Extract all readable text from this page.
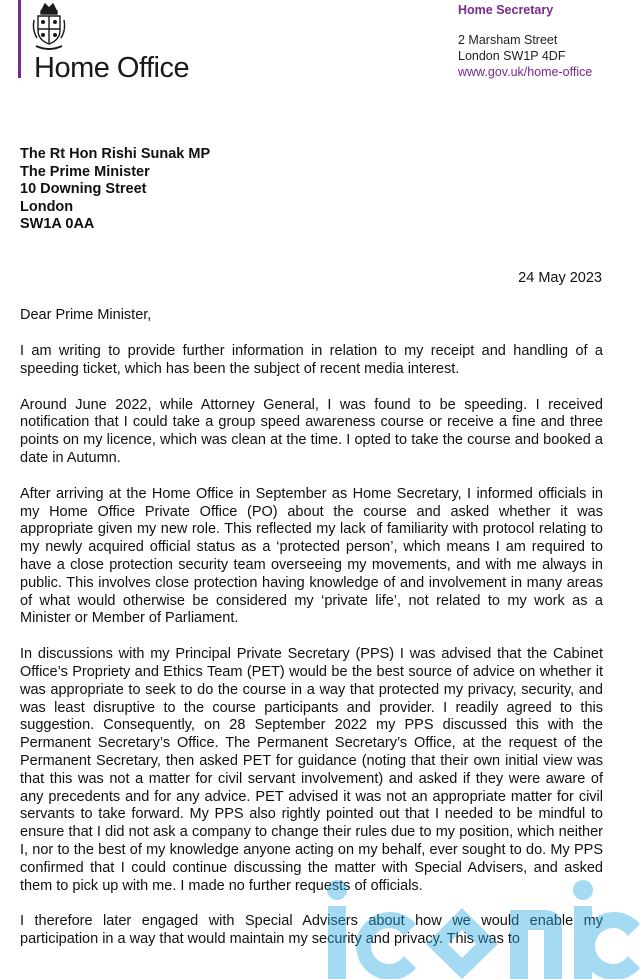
Home Office
Home Secretary
2 Marsham Street
London SW1P 4DF
www.gov.uk/home-office
The Rt Hon Rishi Sunak MP
The Prime Minister
10 Downing Street
London
SW1A 0AA
24 May 2023
Dear Prime Minister,

I am writing to provide further information in relation to my receipt and handling of a speeding ticket, which has been the subject of recent media interest.

Around June 2022, while Attorney General, I was found to be speeding. I received notification that I could take a group speed awareness course or receive a fine and three points on my licence, which was clean at the time. I opted to take the course and booked a date in Autumn.

After arriving at the Home Office in September as Home Secretary, I informed officials in my Home Office Private Office (PO) about the course and asked whether it was appropriate given my new role. This reflected my lack of familiarity with protocol relating to my newly acquired official status as a ‘protected person’, which means I am required to have a close protection security team overseeing my movements, and with me always in public. This involves close protection having knowledge of and involvement in many areas of what would otherwise be considered my ‘private life’, not related to my work as a Minister or Member of Parliament.

In discussions with my Principal Private Secretary (PPS) I was advised that the Cabinet Office’s Propriety and Ethics Team (PET) would be the best source of advice on whether it was appropriate to seek to do the course in a way that protected my privacy, security, and was least disruptive to the course participants and provider. I readily agreed to this suggestion. Consequently, on 28 September 2022 my PPS discussed this with the Permanent Secretary’s Office. The Permanent Secretary’s Office, at the request of the Permanent Secretary, then asked PET for guidance (noting that their own initial view was that this was not a matter for civil servant involvement) and asked if they were aware of any precedents and for any advice. PET advised it was not an appropriate matter for civil servants to take forward. My PPS also rightly pointed out that I needed to be mindful to ensure that I did not ask a company to change their rules due to my position, which neither I, nor to the best of my knowledge anyone acting on my behalf, ever sought to do. My PPS confirmed that I could continue discussing the matter with Special Advisers, and asked them to pick up with me. I made no further requests of officials.

I therefore later engaged with Special Advisers about how we would enable my participation in a way that would maintain my security and privacy. This was to
